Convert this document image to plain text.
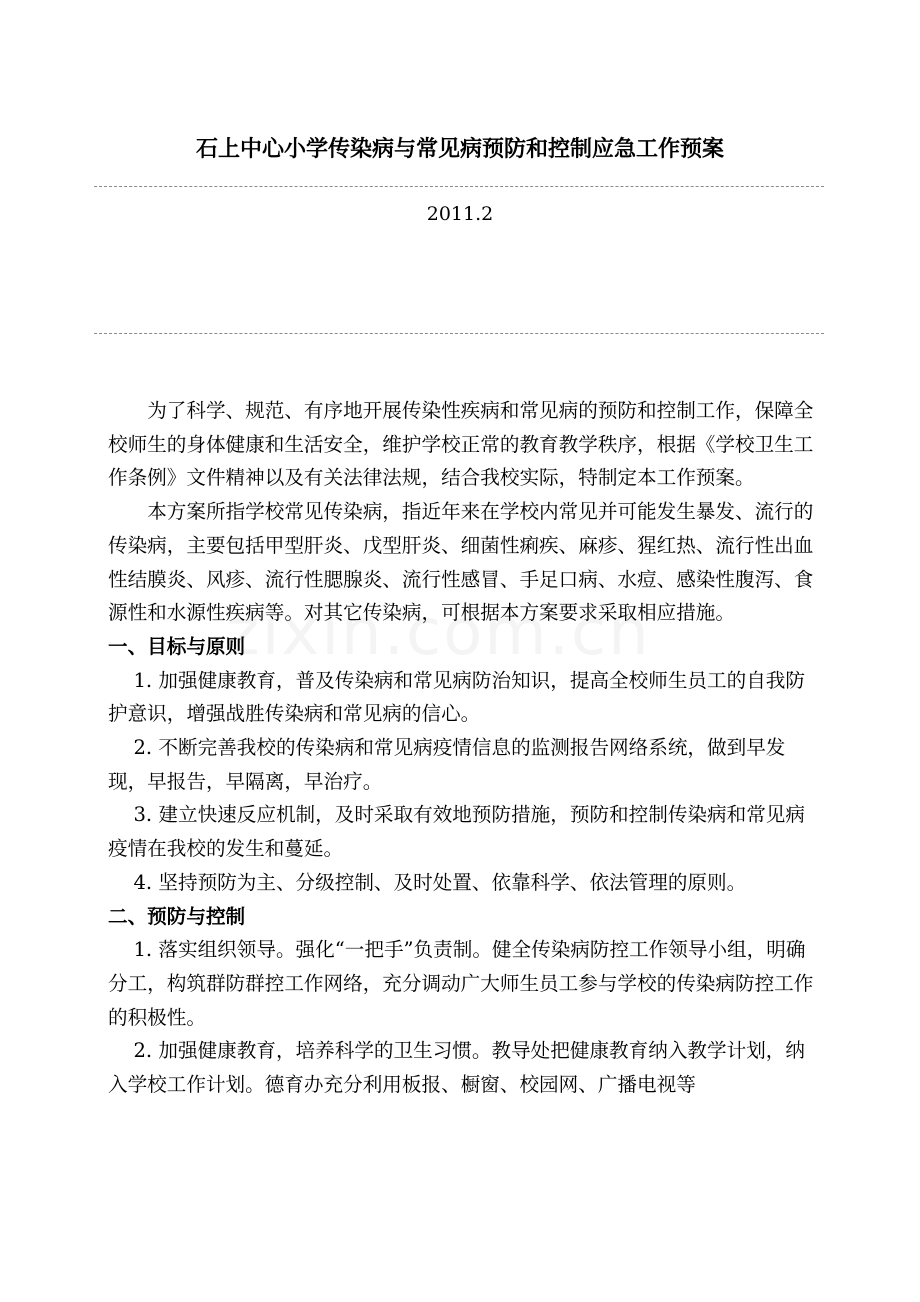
石上中心小学传染病与常见病预防和控制应急工作预案
2011.2

为了科学、规范、有序地开展传染性疾病和常见病的预防和控制工作，保障全校师生的身体健康和生活安全，维护学校正常的教育教学秩序，根据《学校卫生工作条例》文件精神以及有关法律法规，结合我校实际，特制定本工作预案。

本方案所指学校常见传染病，指近年来在学校内常见并可能发生暴发、流行的传染病，主要包括甲型肝炎、戊型肝炎、细菌性痢疾、麻疹、猩红热、流行性出血性结膜炎、风疹、流行性腮腺炎、流行性感冒、手足口病、水痘、感染性腹泻、食源性和水源性疾病等。对其它传染病，可根据本方案要求采取相应措施。

一、目标与原则

1. 加强健康教育，普及传染病和常见病防治知识，提高全校师生员工的自我防护意识，增强战胜传染病和常见病的信心。

2. 不断完善我校的传染病和常见病疫情信息的监测报告网络系统，做到早发现，早报告，早隔离，早治疗。

3. 建立快速反应机制，及时采取有效地预防措施，预防和控制传染病和常见病疫情在我校的发生和蔓延。

4. 坚持预防为主、分级控制、及时处置、依靠科学、依法管理的原则。

二、预防与控制

1. 落实组织领导。强化“一把手”负责制。健全传染病防控工作领导小组，明确分工，构筑群防群控工作网络，充分调动广大师生员工参与学校的传染病防控工作的积极性。

2. 加强健康教育，培养科学的卫生习惯。教导处把健康教育纳入教学计划，纳入学校工作计划。德育办充分利用板报、橱窗、校园网、广播电视等
